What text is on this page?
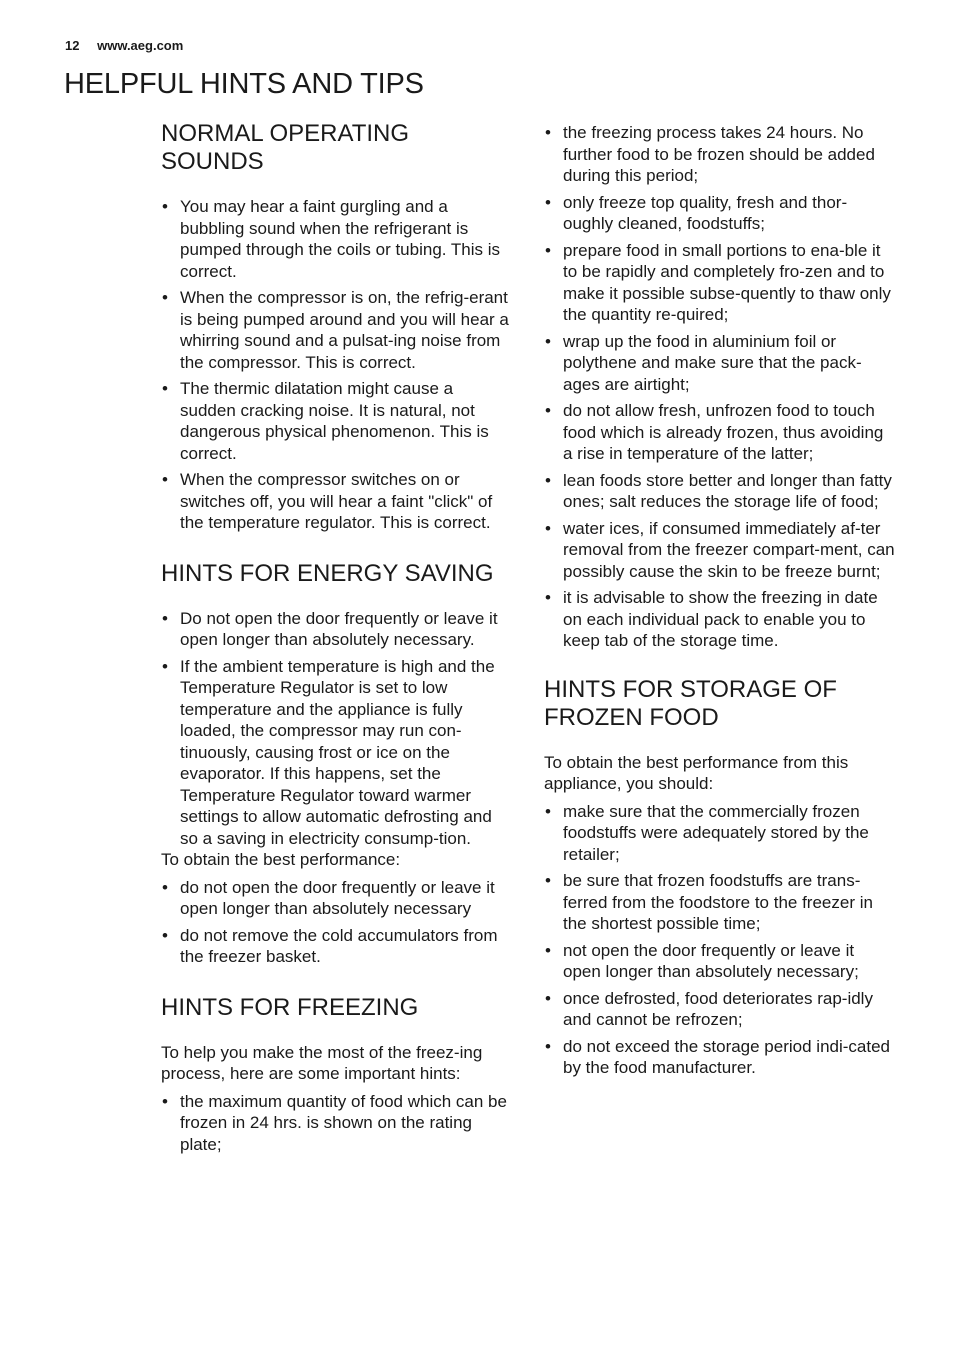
12 www.aeg.com
HELPFUL HINTS AND TIPS
NORMAL OPERATING SOUNDS
• You may hear a faint gurgling and a bubbling sound when the refrigerant is pumped through the coils or tubing. This is correct.
• When the compressor is on, the refrig-erant is being pumped around and you will hear a whirring sound and a pulsat-ing noise from the compressor. This is correct.
• The thermic dilatation might cause a sudden cracking noise. It is natural, not dangerous physical phenomenon. This is correct.
• When the compressor switches on or switches off, you will hear a faint "click" of the temperature regulator. This is correct.
HINTS FOR ENERGY SAVING
• Do not open the door frequently or leave it open longer than absolutely necessary.
• If the ambient temperature is high and the Temperature Regulator is set to low temperature and the appliance is fully loaded, the compressor may run con-tinuously, causing frost or ice on the evaporator. If this happens, set the Temperature Regulator toward warmer settings to allow automatic defrosting and so a saving in electricity consump-tion.

To obtain the best performance:

• do not open the door frequently or leave it open longer than absolutely necessary
• do not remove the cold accumulators from the freezer basket.
HINTS FOR FREEZING

To help you make the most of the freez-ing process, here are some important hints:

• the maximum quantity of food which can be frozen in 24 hrs. is shown on the rating plate;
• the freezing process takes 24 hours. No further food to be frozen should be added during this period;
• only freeze top quality, fresh and thor-oughly cleaned, foodstuffs;
• prepare food in small portions to ena-ble it to be rapidly and completely fro-zen and to make it possible subse-quently to thaw only the quantity re-quired;
• wrap up the food in aluminium foil or polythene and make sure that the pack-ages are airtight;
• do not allow fresh, unfrozen food to touch food which is already frozen, thus avoiding a rise in temperature of the latter;
• lean foods store better and longer than fatty ones; salt reduces the storage life of food;
• water ices, if consumed immediately af-ter removal from the freezer compart-ment, can possibly cause the skin to be freeze burnt;
• it is advisable to show the freezing in date on each individual pack to enable you to keep tab of the storage time.
HINTS FOR STORAGE OF FROZEN FOOD

To obtain the best performance from this appliance, you should:

• make sure that the commercially frozen foodstuffs were adequately stored by the retailer;
• be sure that frozen foodstuffs are trans-ferred from the foodstore to the freezer in the shortest possible time;
• not open the door frequently or leave it open longer than absolutely necessary;
• once defrosted, food deteriorates rap-idly and cannot be refrozen;
• do not exceed the storage period indi-cated by the food manufacturer.
